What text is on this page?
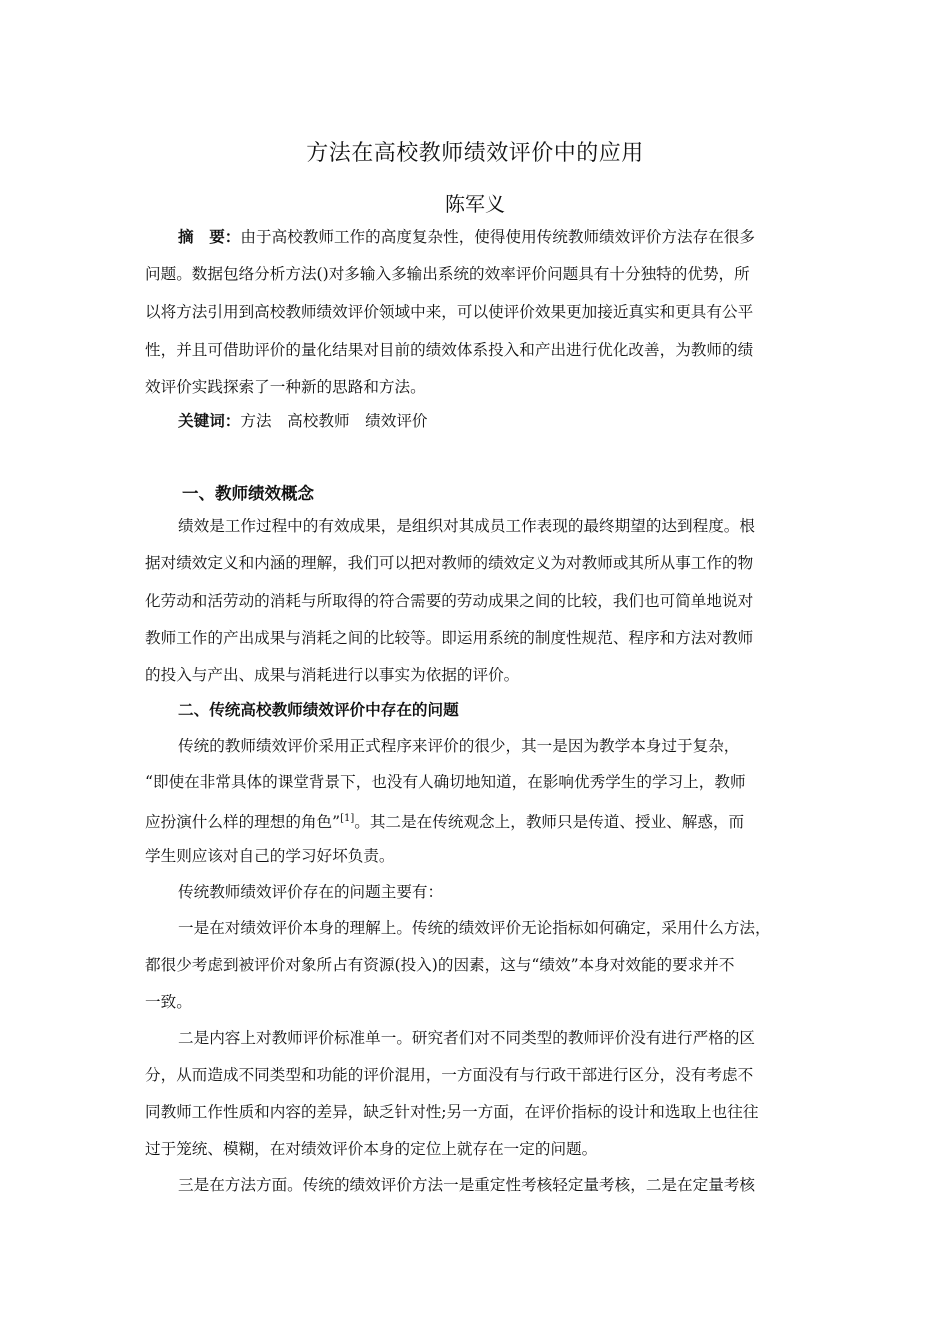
方法在高校教师绩效评价中的应用
陈军义
摘　要：由于高校教师工作的高度复杂性，使得使用传统教师绩效评价方法存在很多
问题。数据包络分析方法()对多输入多输出系统的效率评价问题具有十分独特的优势，所
以将方法引用到高校教师绩效评价领域中来，可以使评价效果更加接近真实和更具有公平
性，并且可借助评价的量化结果对目前的绩效体系投入和产出进行优化改善，为教师的绩
效评价实践探索了一种新的思路和方法。
关键词：方法　高校教师　绩效评价
一、教师绩效概念
绩效是工作过程中的有效成果，是组织对其成员工作表现的最终期望的达到程度。根
据对绩效定义和内涵的理解，我们可以把对教师的绩效定义为对教师或其所从事工作的物
化劳动和活劳动的消耗与所取得的符合需要的劳动成果之间的比较，我们也可简单地说对
教师工作的产出成果与消耗之间的比较等。即运用系统的制度性规范、程序和方法对教师
的投入与产出、成果与消耗进行以事实为依据的评价。
二、传统高校教师绩效评价中存在的问题
传统的教师绩效评价采用正式程序来评价的很少，其一是因为教学本身过于复杂，
“即使在非常具体的课堂背景下，也没有人确切地知道，在影响优秀学生的学习上，教师
应扮演什么样的理想的角色”[1]。其二是在传统观念上，教师只是传道、授业、解惑，而
学生则应该对自己的学习好坏负责。
传统教师绩效评价存在的问题主要有：
一是在对绩效评价本身的理解上。传统的绩效评价无论指标如何确定，采用什么方法，
都很少考虑到被评价对象所占有资源(投入)的因素，这与“绩效”本身对效能的要求并不
一致。
二是内容上对教师评价标准单一。研究者们对不同类型的教师评价没有进行严格的区
分，从而造成不同类型和功能的评价混用，一方面没有与行政干部进行区分，没有考虑不
同教师工作性质和内容的差异，缺乏针对性;另一方面，在评价指标的设计和选取上也往往
过于笼统、模糊，在对绩效评价本身的定位上就存在一定的问题。
三是在方法方面。传统的绩效评价方法一是重定性考核轻定量考核，二是在定量考核
